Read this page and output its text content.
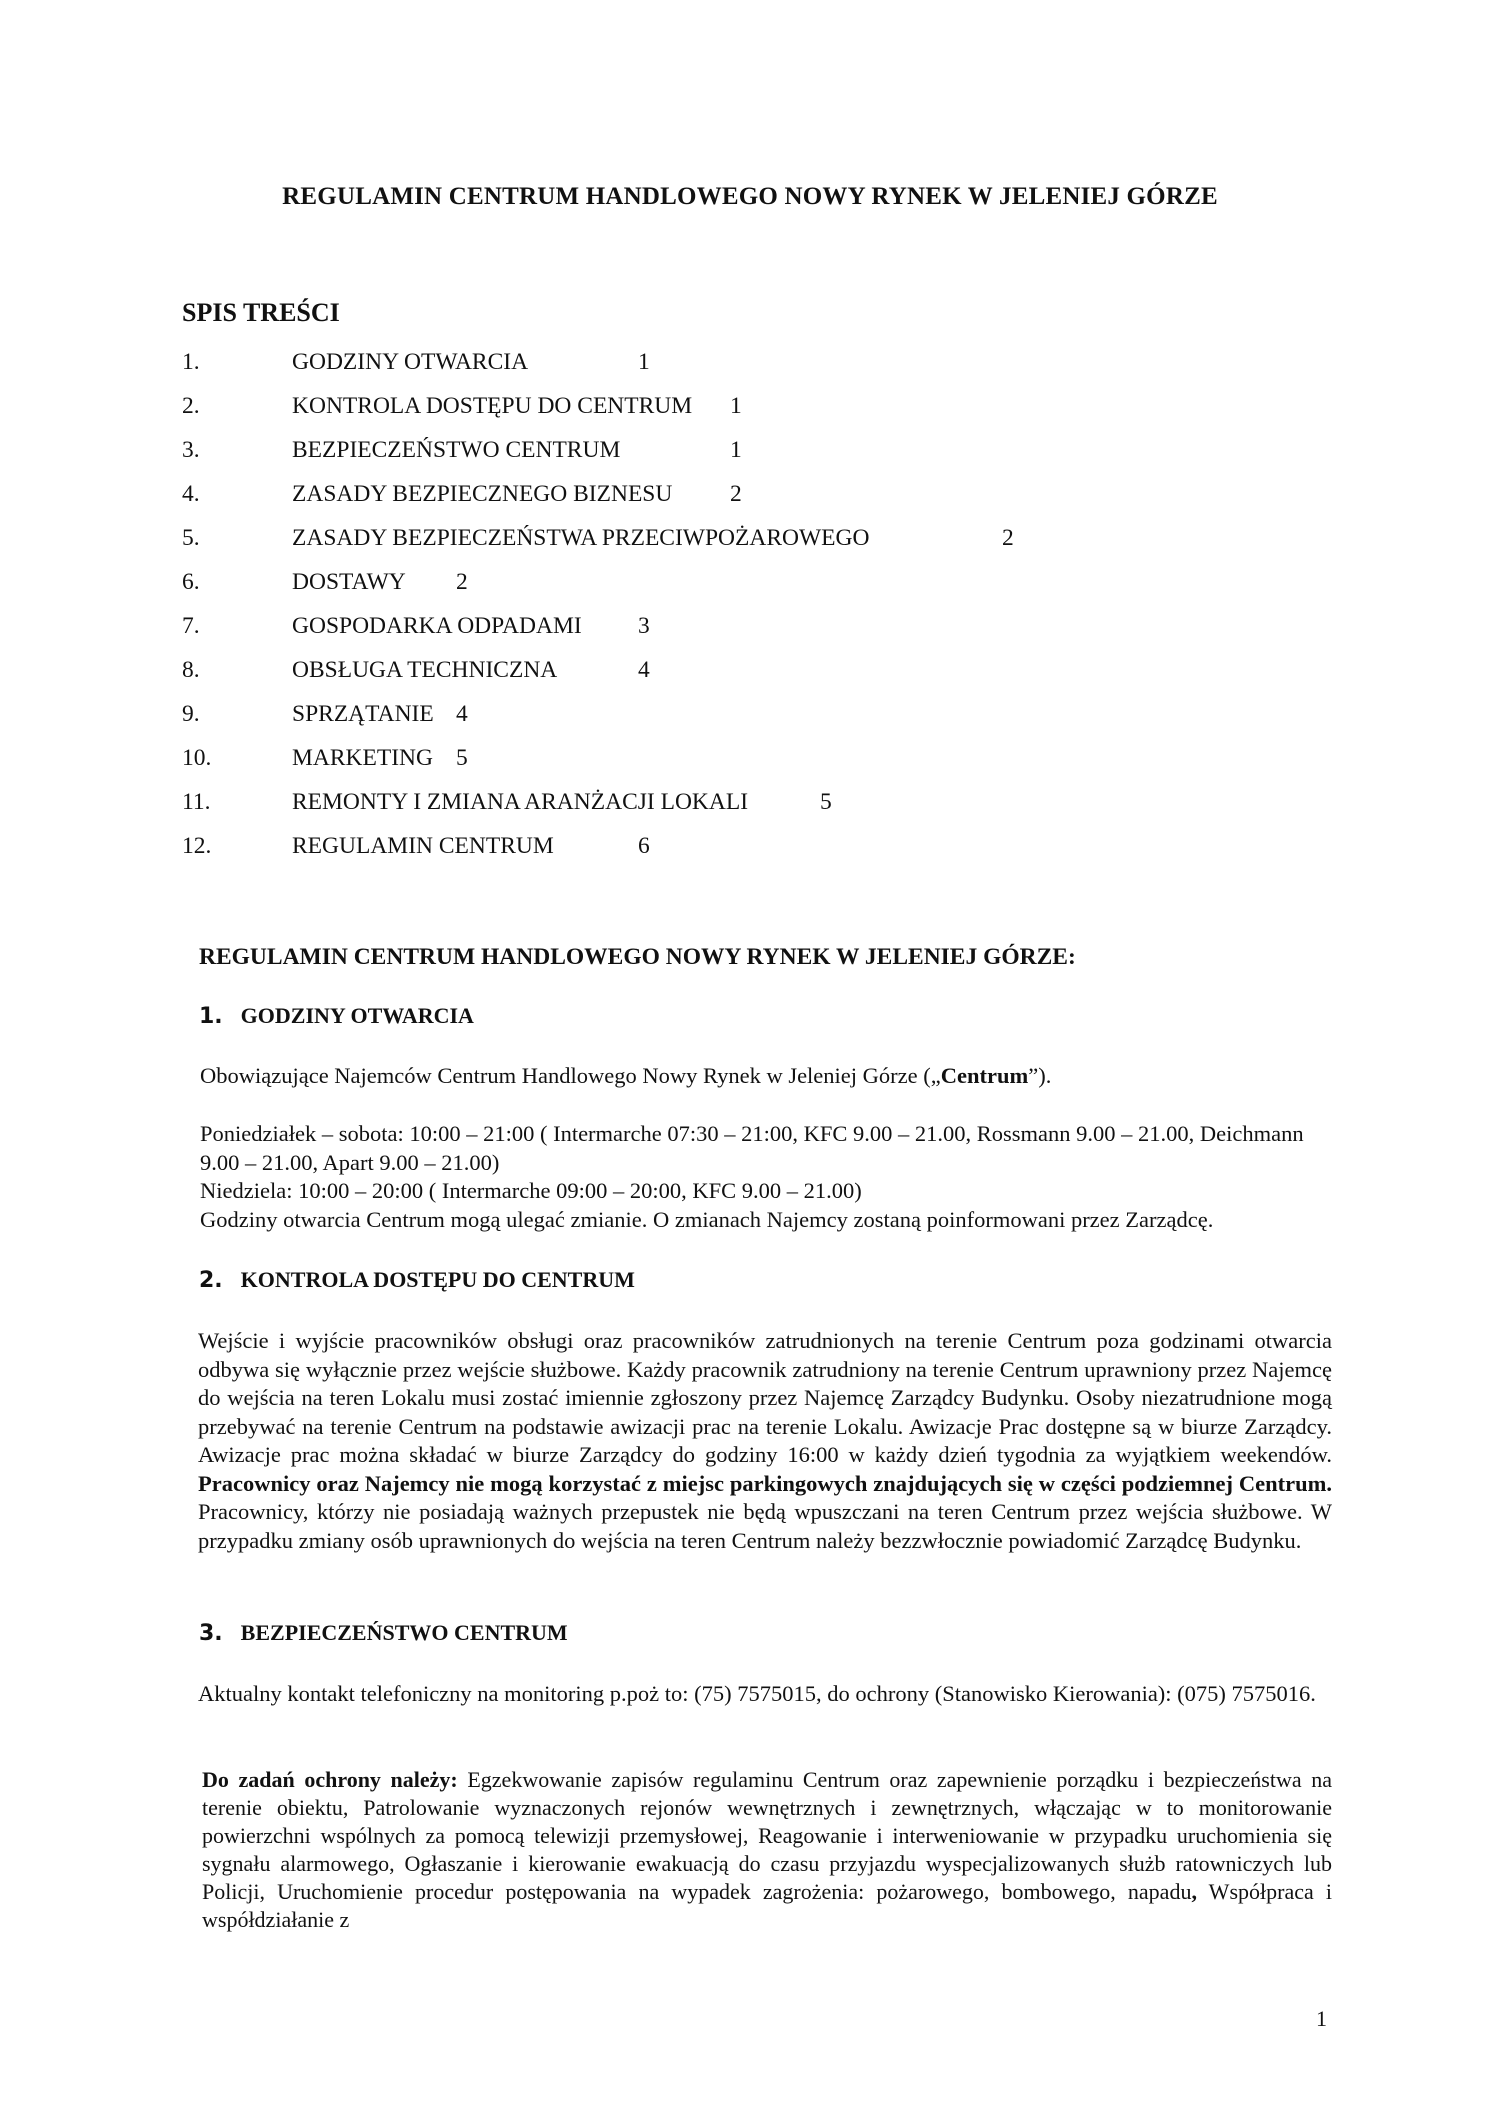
REGULAMIN CENTRUM HANDLOWEGO NOWY RYNEK W JELENIEJ GÓRZE
SPIS TREŚCI
1.	GODZINY OTWARCIA	1
2.	KONTROLA DOSTĘPU DO CENTRUM 1
3.	BEZPIECZEŃSTWO CENTRUM	1
4.	ZASADY BEZPIECZNEGO BIZNESU 2
5.	ZASADY BEZPIECZEŃSTWA PRZECIWPOŻAROWEGO	2
6.	DOSTAWY 2
7.	GOSPODARKA ODPADAMI 3
8.	OBSŁUGA TECHNICZNA	4
9.	SPRZĄTANIE 4
10.	MARKETING 5
11.	REMONTY I ZMIANA ARANŻACJI LOKALI	5
12.	REGULAMIN CENTRUM	6
REGULAMIN CENTRUM HANDLOWEGO NOWY RYNEK W JELENIEJ GÓRZE:
1. GODZINY OTWARCIA
Obowiązujące Najemców Centrum Handlowego Nowy Rynek w Jeleniej Górze („Centrum”).
Poniedziałek – sobota: 10:00 – 21:00 ( Intermarche 07:30 – 21:00, KFC 9.00 – 21.00, Rossmann 9.00 – 21.00, Deichmann 9.00 – 21.00, Apart 9.00 – 21.00)
Niedziela: 10:00 – 20:00 ( Intermarche 09:00 – 20:00, KFC 9.00 – 21.00)
Godziny otwarcia Centrum mogą ulegać zmianie. O zmianach Najemcy zostaną poinformowani przez Zarządcę.
2. KONTROLA DOSTĘPU DO CENTRUM
Wejście i wyjście pracowników obsługi oraz pracowników zatrudnionych na terenie Centrum poza godzinami otwarcia odbywa się wyłącznie przez wejście służbowe. Każdy pracownik zatrudniony na terenie Centrum uprawniony przez Najemcę do wejścia na teren Lokalu musi zostać imiennie zgłoszony przez Najemcę Zarządcy Budynku. Osoby niezatrudnione mogą przebywać na terenie Centrum na podstawie awizacji prac na terenie Lokalu. Awizacje Prac dostępne są w biurze Zarządcy. Awizacje prac można składać w biurze Zarządcy do godziny 16:00 w każdy dzień tygodnia za wyjątkiem weekendów. Pracownicy oraz Najemcy nie mogą korzystać z miejsc parkingowych znajdujących się w części podziemnej Centrum. Pracownicy, którzy nie posiadają ważnych przepustek nie będą wpuszczani na teren Centrum przez wejścia służbowe. W przypadku zmiany osób uprawnionych do wejścia na teren Centrum należy bezzwłocznie powiadomić Zarządcę Budynku.
3. BEZPIECZEŃSTWO CENTRUM
Aktualny kontakt telefoniczny na monitoring p.poż to: (75) 7575015, do ochrony (Stanowisko Kierowania): (075) 7575016.
Do zadań ochrony należy: Egzekwowanie zapisów regulaminu Centrum oraz zapewnienie porządku i bezpieczeństwa na terenie obiektu, Patrolowanie wyznaczonych rejonów wewnętrznych i zewnętrznych, włączając w to monitorowanie powierzchni wspólnych za pomocą telewizji przemysłowej, Reagowanie i interweniowanie w przypadku uruchomienia się sygnału alarmowego, Ogłaszanie i kierowanie ewakuacją do czasu przyjazdu wyspecjalizowanych służb ratowniczych lub Policji, Uruchomienie procedur postępowania na wypadek zagrożenia: pożarowego, bombowego, napadu, Współpraca i współdziałanie z
1
